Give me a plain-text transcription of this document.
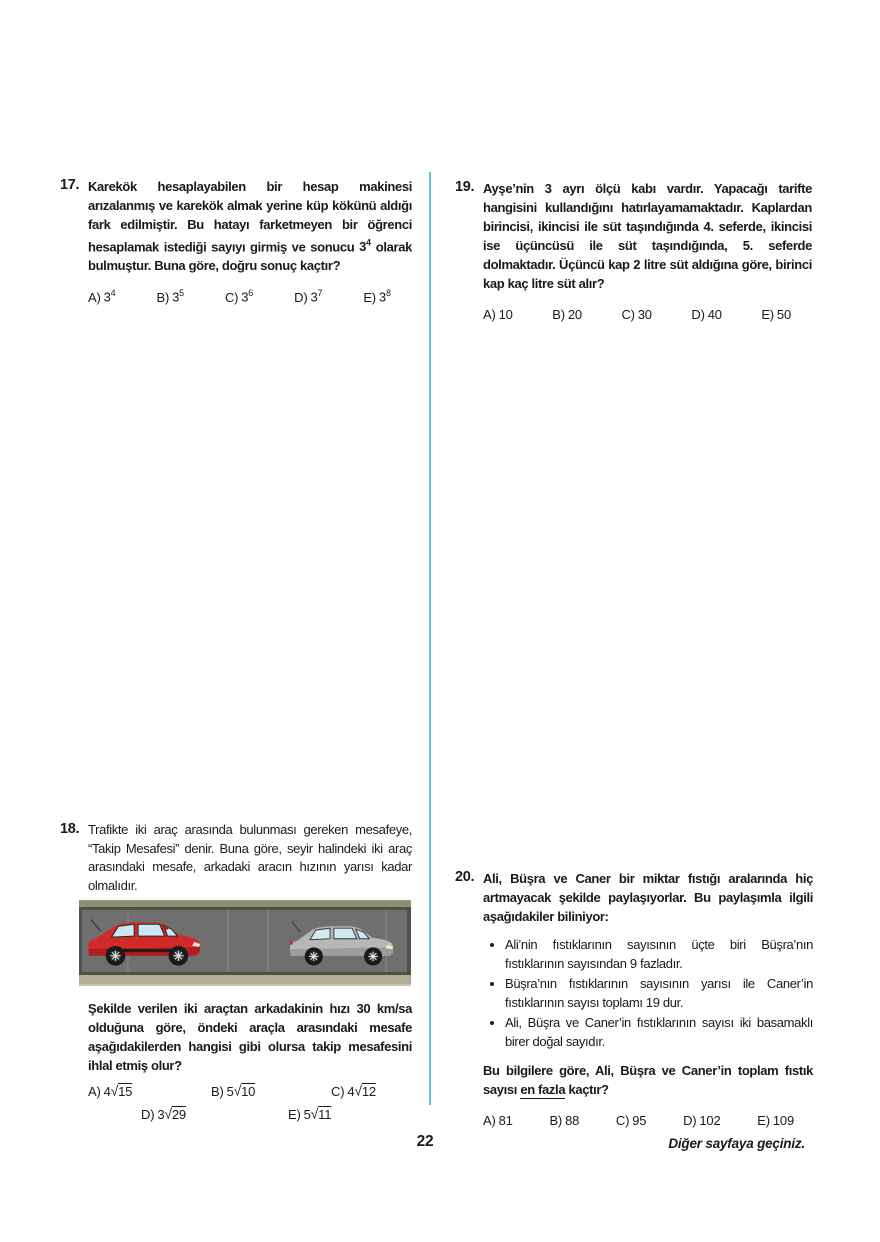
17. Karekök hesaplayabilen bir hesap makinesi arızalanmış ve karekök almak yerine küp kökünü aldığı fark edilmiştir. Bu hatayı farketmeyen bir öğrenci hesaplamak istediği sayıyı girmiş ve sonucu $3^4$ olarak bulmuştur. Buna göre, doğru sonuç kaçtır?

A) $3^4$	B) $3^5$	C) $3^6$	D) $3^7$	E) $3^8$
19. Ayşe’nin 3 ayrı ölçü kabı vardır. Yapacağı tarifte hangisini kullandığını hatırlayamamaktadır. Kaplardan birincisi, ikincisi ile süt taşındığında 4. seferde, ikincisi ise üçüncüsü ile süt taşındığında, 5. seferde dolmaktadır. Üçüncü kap 2 litre süt aldığına göre, birinci kap kaç litre süt alır?

A) 10	B) 20	C) 30	D) 40	E) 50
18. Trafikte iki araç arasında bulunması gereken mesafeye, “Takip Mesafesi” denir. Buna göre, seyir halindeki iki araç arasındaki mesafe, arkadaki aracın hızının yarısı kadar olmalıdır.

Şekilde verilen iki araçtan arkadakinin hızı 30 km/sa olduğuna göre, öndeki araçla arasındaki mesafe aşağıdakilerden hangisi gibi olursa takip mesafesini ihlal etmiş olur?

A) 4√15	B) 5√10	C) 4√12
D) 3√29	E) 5√11
20. Ali, Büşra ve Caner bir miktar fıstığı aralarında hiç artmayacak şekilde paylaşıyorlar. Bu paylaşımla ilgili aşağıdakiler biliniyor:

• Ali’nin fıstıklarının sayısının üçte biri Büşra’nın fıstıklarının sayısından 9 fazladır.
• Büşra’nın fıstıklarının sayısının yarısı ile Caner’in fıstıklarının sayısı toplamı 19 dur.
• Ali, Büşra ve Caner’in fıstıklarının sayısı iki basamaklı birer doğal sayıdır.

Bu bilgilere göre, Ali, Büşra ve Caner’in toplam fıstık sayısı en fazla kaçtır?

A) 81	B) 88	C) 95	D) 102	E) 109
22	Diğer sayfaya geçiniz.
